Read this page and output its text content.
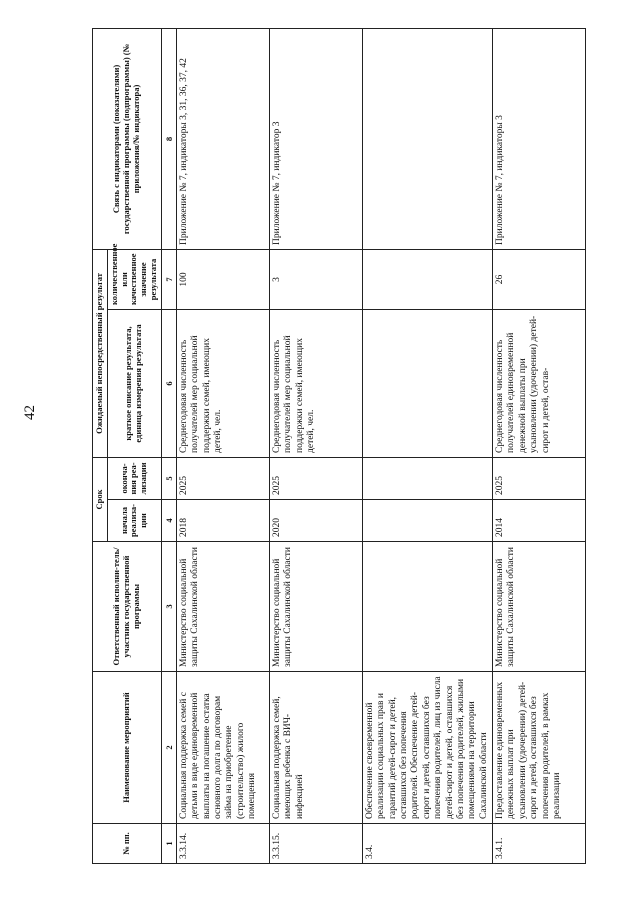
42
№ пп.	Наименование мероприятий	Ответственный исполни-тель/участник государственной программы	Срок		Ожидаемый непосредственный результат		Связь с индикаторами (показателями) государственной программы (подпрограммы) (№ приложения/№ индикатора)
			начала реализа-ции	оконча-ния реа-лизации	краткое описание результата, единица измерения результата	количественное или качественное значение результата	
1	2	3	4	5	6	7	8
3.3.14.	Социальная поддержка семей с детьми в виде единовременной выплаты на погашение остатка основного долга по договорам займа на приобретение (строительство) жилого помещения	Министерство социальной защиты Сахалинской области	2018	2025	Среднегодовая численность получателей мер социальной поддержки семей, имеющих детей, чел.	100	Приложение № 7, индикаторы 3, 31, 36, 37, 42
3.3.15.	Социальная поддержка семей, имеющих ребенка с ВИЧ-инфекцией	Министерство социальной защиты Сахалинской области	2020	2025	Среднегодовая численность получателей мер социальной поддержки семей, имеющих детей, чел.	3	Приложение № 7, индикатор 3
3.4.	Обеспечение своевременной реализации социальных прав и гарантий детей-сирот и детей, оставшихся без попечения родителей. Обеспечение детей-сирот и детей, оставшихся без попечения родителей, лиц из числа детей-сирот и детей, оставшихся без попечения родителей, жилыми помещениями на территории Сахалинской области						
3.4.1.	Предоставление единовременных денежных выплат при усыновлении (удочерении) детей-сирот и детей, оставшихся без попечения родителей, в рамках реализации	Министерство социальной защиты Сахалинской области	2014	2025	Среднегодовая численность получателей единовременной денежной выплаты при усыновлении (удочерении) детей-сирот и детей, остав-	26	Приложение № 7, индикаторы 3
